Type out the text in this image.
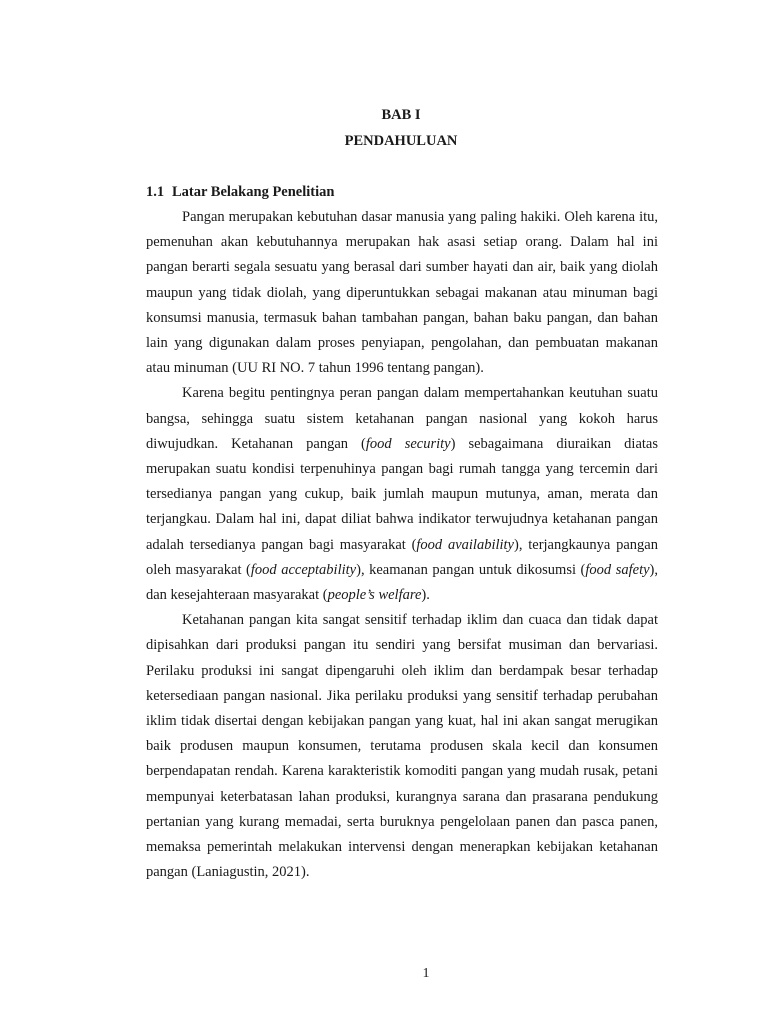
BAB I
PENDAHULUAN
1.1 Latar Belakang Penelitian

Pangan merupakan kebutuhan dasar manusia yang paling hakiki. Oleh karena itu, pemenuhan akan kebutuhannya merupakan hak asasi setiap orang. Dalam hal ini pangan berarti segala sesuatu yang berasal dari sumber hayati dan air, baik yang diolah maupun yang tidak diolah, yang diperuntukkan sebagai makanan atau minuman bagi konsumsi manusia, termasuk bahan tambahan pangan, bahan baku pangan, dan bahan lain yang digunakan dalam proses penyiapan, pengolahan, dan pembuatan makanan atau minuman (UU RI NO. 7 tahun 1996 tentang pangan).

Karena begitu pentingnya peran pangan dalam mempertahankan keutuhan suatu bangsa, sehingga suatu sistem ketahanan pangan nasional yang kokoh harus diwujudkan. Ketahanan pangan (food security) sebagaimana diuraikan diatas merupakan suatu kondisi terpenuhinya pangan bagi rumah tangga yang tercemin dari tersedianya pangan yang cukup, baik jumlah maupun mutunya, aman, merata dan terjangkau. Dalam hal ini, dapat diliat bahwa indikator terwujudnya ketahanan pangan adalah tersedianya pangan bagi masyarakat (food availability), terjangkaunya pangan oleh masyarakat (food acceptability), keamanan pangan untuk dikosumsi (food safety), dan kesejahteraan masyarakat (people’s welfare).

Ketahanan pangan kita sangat sensitif terhadap iklim dan cuaca dan tidak dapat dipisahkan dari produksi pangan itu sendiri yang bersifat musiman dan bervariasi. Perilaku produksi ini sangat dipengaruhi oleh iklim dan berdampak besar terhadap ketersediaan pangan nasional. Jika perilaku produksi yang sensitif terhadap perubahan iklim tidak disertai dengan kebijakan pangan yang kuat, hal ini akan sangat merugikan baik produsen maupun konsumen, terutama produsen skala kecil dan konsumen berpendapatan rendah. Karena karakteristik komoditi pangan yang mudah rusak, petani mempunyai keterbatasan lahan produksi, kurangnya sarana dan prasarana pendukung pertanian yang kurang memadai, serta buruknya pengelolaan panen dan pasca panen, memaksa pemerintah melakukan intervensi dengan menerapkan kebijakan ketahanan pangan (Laniagustin, 2021).

1
